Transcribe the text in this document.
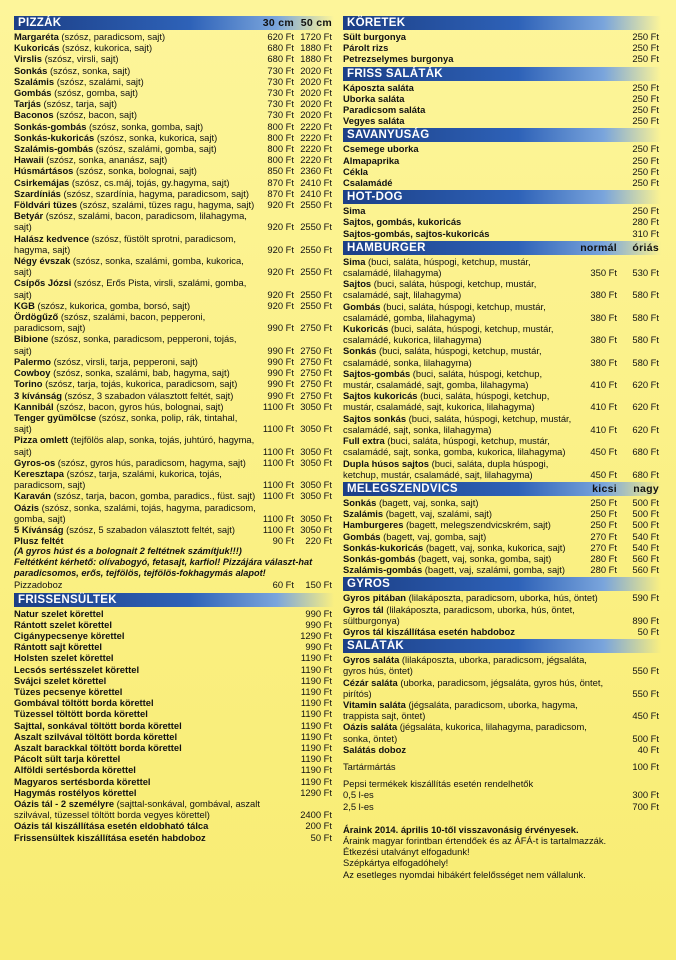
PIZZÁK	30 cm 50 cm
Margaréta (szósz, paradicsom, sajt)	620 Ft 1720 Ft
Kukoricás (szósz, kukorica, sajt)	680 Ft 1880 Ft
Virslis (szósz, virsli, sajt)	680 Ft 1880 Ft
Sonkás (szósz, sonka, sajt)	730 Ft 2020 Ft
Szalámis (szósz, szalámi, sajt)	730 Ft 2020 Ft
Gombás (szósz, gomba, sajt)	730 Ft 2020 Ft
Tarjás (szósz, tarja, sajt)	730 Ft 2020 Ft
Baconos (szósz, bacon, sajt)	730 Ft 2020 Ft
Sonkás-gombás (szósz, sonka, gomba, sajt)	800 Ft 2220 Ft
Sonkás-kukoricás (szósz, sonka, kukorica, sajt)	800 Ft 2220 Ft
Szalámis-gombás (szósz, szalámi, gomba, sajt)	800 Ft 2220 Ft
Hawaii (szósz, sonka, ananász, sajt)	800 Ft 2220 Ft
Húsmártásos (szósz, sonka, bolognai, sajt)	850 Ft 2360 Ft
Csirkemájas (szósz, cs.máj, tojás, gy.hagyma, sajt)	870 Ft 2410 Ft
Szardíniás (szósz, szardínia, hagyma, paradicsom, sajt)	870 Ft 2410 Ft
Földvári tüzes (szósz, szalámi, tüzes ragu, hagyma, sajt)	920 Ft 2550 Ft
Betyár (szósz, szalámi, bacon, paradicsom, lilahagyma, sajt)	920 Ft 2550 Ft
Halász kedvence (szósz, füstölt sprotni, paradicsom, hagyma, sajt)	920 Ft 2550 Ft
Négy évszak (szósz, sonka, szalámi, gomba, kukorica, sajt)	920 Ft 2550 Ft
Csípős Józsi (szósz, Erős Pista, virsli, szalámi, gomba, sajt)	920 Ft 2550 Ft
KGB (szósz, kukorica, gomba, borsó, sajt)	920 Ft 2550 Ft
Ördögűző (szósz, szalámi, bacon, pepperoni, paradicsom, sajt)	990 Ft 2750 Ft
Bibione (szósz, sonka, paradicsom, pepperoni, tojás, sajt)	990 Ft 2750 Ft
Palermo (szósz, virsli, tarja, pepperoni, sajt)	990 Ft 2750 Ft
Cowboy (szósz, sonka, szalámi, bab, hagyma, sajt)	990 Ft 2750 Ft
Torino (szósz, tarja, tojás, kukorica, paradicsom, sajt)	990 Ft 2750 Ft
3 kívánság (szósz, 3 szabadon választott feltét, sajt)	990 Ft 2750 Ft
Kannibál (szósz, bacon, gyros hús, bolognai, sajt)	1100 Ft 3050 Ft
Tenger gyümölcse (szósz, sonka, polip, rák, tintahal, sajt)	1100 Ft 3050 Ft
Pizza omlett (tejfölös alap, sonka, tojás, juhtúró, hagyma, sajt)	1100 Ft 3050 Ft
Gyros-os (szósz, gyros hús, paradicsom, hagyma, sajt)	1100 Ft 3050 Ft
Keresztapa (szósz, tarja, szalámi, kukorica, tojás, paradicsom, sajt)	1100 Ft 3050 Ft
Karaván (szósz, tarja, bacon, gomba, paradics., füst. sajt) 1100 Ft 3050 Ft
Oázis (szósz, sonka, szalámi, tojás, hagyma, paradicsom, gomba, sajt)	1100 Ft 3050 Ft
5 Kívánság (szósz, 5 szabadon választott feltét, sajt)	1100 Ft 3050 Ft
Plusz feltét	90 Ft	220 Ft
(A gyros húst és a bolognait 2 feltétnek számítjuk!!!)
Feltétként kérhető: olívabogyó, fetasajt, karfiol! Pizzájára választ-hat paradicsomos, erős, tejfölös, tejfölös-fokhagymás alapot!
Pizzadoboz	60 Ft	150 Ft
FRISSENSÜLTEK
Natur szelet körettel	990 Ft
Rántott szelet körettel	990 Ft
Cigánypecsenye körettel	1290 Ft
Rántott sajt körettel	990 Ft
Holsten szelet körettel	1190 Ft
Lecsós sertésszelet körettel	1190 Ft
Svájci szelet körettel	1190 Ft
Tüzes pecsenye körettel	1190 Ft
Gombával töltött borda körettel	1190 Ft
Tüzessel töltött borda körettel	1190 Ft
Sajttal, sonkával töltött borda körettel	1190 Ft
Aszalt szilvával töltött borda körettel	1190 Ft
Aszalt barackkal töltött borda körettel	1190 Ft
Pácolt sült tarja körettel	1190 Ft
Alföldi sertésborda körettel	1190 Ft
Magyaros sertésborda körettel	1190 Ft
Hagymás rostélyos körettel	1290 Ft
Oázis tál - 2 személyre (sajttal-sonkával, gombával, aszalt szilvával, tüzessel töltött borda vegyes körettel)	2400 Ft
Oázis tál kiszállítása esetén eldobható tálca	200 Ft
Frissensültek kiszállítása esetén habdoboz	50 Ft
KÖRETEK
Sült burgonya	250 Ft
Párolt rizs	250 Ft
Petrezselymes burgonya	250 Ft
FRISS SALÁTÁK
Káposzta saláta	250 Ft
Uborka saláta	250 Ft
Paradicsom saláta	250 Ft
Vegyes saláta	250 Ft
SAVANYÚSÁG
Csemege uborka	250 Ft
Almapaprika	250 Ft
Cékla	250 Ft
Csalamádé	250 Ft
HOT-DOG
Sima	250 Ft
Sajtos, gombás, kukoricás	280 Ft
Sajtos-gombás, sajtos-kukoricás	310 Ft
HAMBURGER	normál	óriás
Sima (buci, saláta, húspogi, ketchup, mustár, csalamádé, lilahagyma)	350 Ft	530 Ft
Sajtos (buci, saláta, húspogi, ketchup, mustár, csalamádé, sajt, lilahagyma)	380 Ft	580 Ft
Gombás (buci, saláta, húspogi, ketchup, mustár, csalamádé, gomba, lilahagyma)	380 Ft	580 Ft
Kukoricás (buci, saláta, húspogi, ketchup, mustár, csalamádé, kukorica, lilahagyma)	380 Ft	580 Ft
Sonkás (buci, saláta, húspogi, ketchup, mustár, csalamádé, sonka, lilahagyma)	380 Ft	580 Ft
Sajtos-gombás (buci, saláta, húspogi, ketchup, mustár, csalamádé, sajt, gomba, lilahagyma)	410 Ft	620 Ft
Sajtos kukoricás (buci, saláta, húspogi, ketchup, mustár, csalamádé, sajt, kukorica, lilahagyma)	410 Ft	620 Ft
Sajtos sonkás (buci, saláta, húspogi, ketchup, mustár, csalamádé, sajt, sonka, lilahagyma)	410 Ft	620 Ft
Full extra (buci, saláta, húspogi, ketchup, mustár, csalamádé, sajt, sonka, gomba, kukorica, lilahagyma)	450 Ft	680 Ft
Dupla húsos sajtos (buci, saláta, dupla húspogi, ketchup, mustár, csalamádé, sajt, lilahagyma)	450 Ft	680 Ft
MELEGSZENDVICS	kicsi	nagy
Sonkás (bagett, vaj, sonka, sajt)	250 Ft	500 Ft
Szalámis (bagett, vaj, szalámi, sajt)	250 Ft	500 Ft
Hamburgeres (bagett, melegszendvicskrém, sajt)	250 Ft	500 Ft
Gombás (bagett, vaj, gomba, sajt)	270 Ft	540 Ft
Sonkás-kukoricás (bagett, vaj, sonka, kukorica, sajt)	270 Ft	540 Ft
Sonkás-gombás (bagett, vaj, sonka, gomba, sajt)	280 Ft	560 Ft
Szalámis-gombás (bagett, vaj, szalámi, gomba, sajt)	280 Ft	560 Ft
GYROS
Gyros pitában (lilakáposzta, paradicsom, uborka, hús, öntet)	590 Ft
Gyros tál (lilakáposzta, paradicsom, uborka, hús, öntet, sültburgonya)	890 Ft
Gyros tál kiszállítása esetén habdoboz	50 Ft
SALÁTÁK
Gyros saláta (lilakáposzta, uborka, paradicsom, jégsaláta, gyros hús, öntet)	550 Ft
Cézár saláta (uborka, paradicsom, jégsaláta, gyros hús, öntet, pirítós)	550 Ft
Vitamin saláta (jégsaláta, paradicsom, uborka, hagyma, trappista sajt, öntet)	450 Ft
Oázis saláta (jégsaláta, kukorica, lilahagyma, paradicsom, sonka, öntet)	500 Ft
Salátás doboz	40 Ft
Tartármártás	100 Ft
Pepsi termékek kiszállítás esetén rendelhetők
0,5 l-es	300 Ft
2,5 l-es	700 Ft
Áraink 2014. április 10-től visszavonásig érvényesek.
Áraink magyar forintban értendőek és az ÁFÁ-t is tartalmazzák.
Étkezési utalványt elfogadunk!
Szépkártya elfogadóhely!
Az esetleges nyomdai hibákért felelősséget nem vállalunk.
